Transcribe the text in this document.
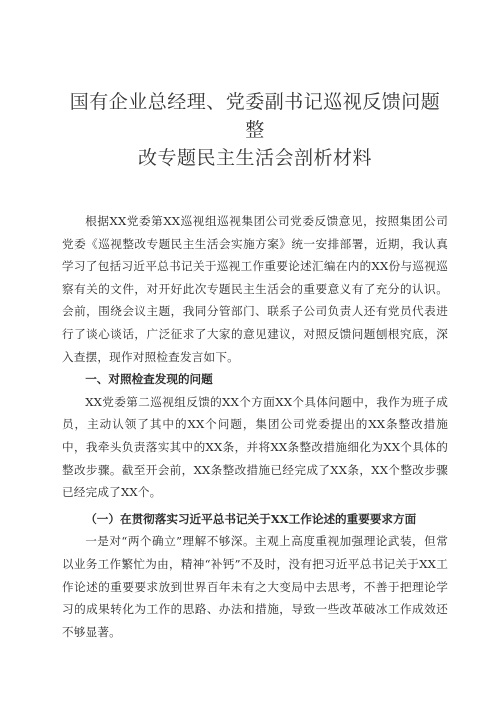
国有企业总经理、党委副书记巡视反馈问题整
改专题民主生活会剖析材料

根据XX党委第XX巡视组巡视集团公司党委反馈意见，按照集团公司党委《巡视整改专题民主生活会实施方案》统一安排部署，近期，我认真学习了包括习近平总书记关于巡视工作重要论述汇编在内的XX份与巡视巡察有关的文件，对开好此次专题民主生活会的重要意义有了充分的认识。会前，围绕会议主题，我同分管部门、联系子公司负责人还有党员代表进行了谈心谈话，广泛征求了大家的意见建议，对照反馈问题刨根究底，深入查摆，现作对照检查发言如下。

一、对照检查发现的问题

XX党委第二巡视组反馈的XX个方面XX个具体问题中，我作为班子成员，主动认领了其中的XX个问题，集团公司党委提出的XX条整改措施中，我牵头负责落实其中的XX条，并将XX条整改措施细化为XX个具体的整改步骤。截至开会前，XX条整改措施已经完成了XX条，XX个整改步骤已经完成了XX个。

（一）在贯彻落实习近平总书记关于XX工作论述的重要要求方面

一是对“两个确立”理解不够深。主观上高度重视加强理论武装，但常以业务工作繁忙为由，精神“补钙”不及时，没有把习近平总书记关于XX工作论述的重要要求放到世界百年未有之大变局中去思考，不善于把理论学习的成果转化为工作的思路、办法和措施，导致一些改革破冰工作成效还不够显著。
